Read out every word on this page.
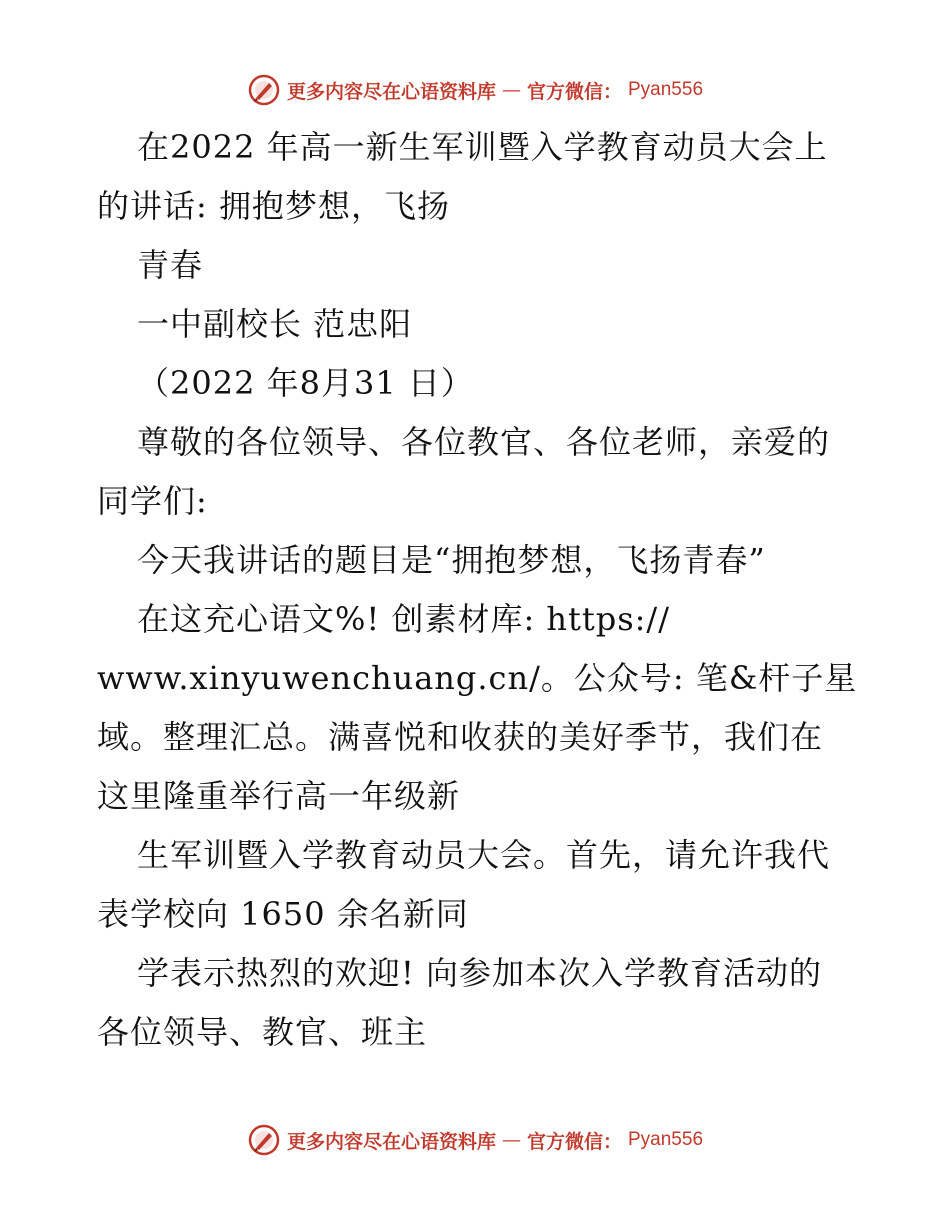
更多内容尽在心语资料库 — 官方微信： Pyan556
在2022 年高一新生军训暨入学教育动员大会上
的讲话: 拥抱梦想，飞扬
青春
一中副校长 范忠阳
（2022 年8月31 日）
尊敬的各位领导、各位教官、各位老师，亲爱的
同学们:
今天我讲话的题目是“拥抱梦想，飞扬青春”
在这充心语文%! 创素材库: https://
www.xinyuwenchuang.cn/。公众号: 笔&杆子星
域。整理汇总。满喜悦和收获的美好季节，我们在
这里隆重举行高一年级新
生军训暨入学教育动员大会。首先，请允许我代
表学校向 1650 余名新同
学表示热烈的欢迎! 向参加本次入学教育活动的
各位领导、教官、班主
更多内容尽在心语资料库 — 官方微信： Pyan556
